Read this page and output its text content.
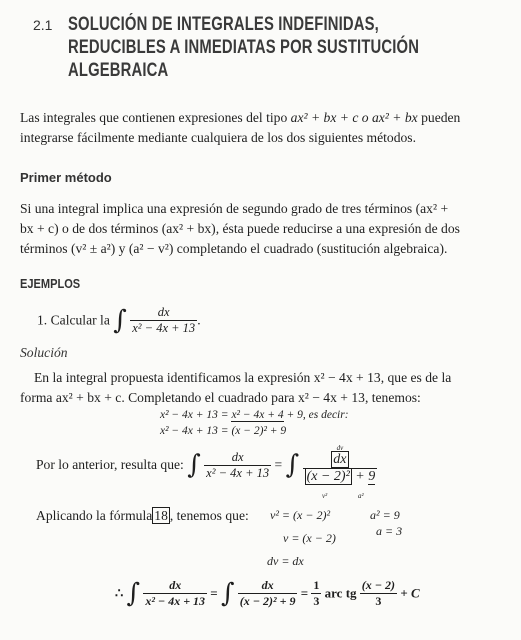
2.1 SOLUCIÓN DE INTEGRALES INDEFINIDAS,
REDUCIBLES A INMEDIATAS POR SUSTITUCIÓN
ALGEBRAICA
Las integrales que contienen expresiones del tipo ax² + bx + c o ax² + bx pueden
integrarse fácilmente mediante cualquiera de los dos siguientes métodos.
Primer método
Si una integral implica una expresión de segundo grado de tres términos (ax² +
bx + c) o de dos términos (ax² + bx), ésta puede reducirse a una expresión de dos
términos (v² ± a²) y (a² − v²) completando el cuadrado (sustitución algebraica).
EJEMPLOS
1. Calcular la ∫ $\frac{dx}{\text{x² − 4x + 13}}$ .
Solución
En la integral propuesta identificamos la expresión x² − 4x + 13, que es de la
forma ax² + bx + c. Completando el cuadrado para x² − 4x + 13, tenemos:
x² − 4x + 13 = x² − 4x + 4 + 9, es decir:
x² − 4x + 13 = (x − 2)² + 9
Por lo anterior, resulta que: ∫ $\frac{dx}{\text{x² − 4x + 13}}$ = ∫ dv
dx
(x − 2)² + 9
v²	a²
Aplicando la fórmula 18 , tenemos que: v² = (x − 2)²	a² = 9
v = (x − 2)	a = 3
dv = dx
∴ ∫ $\frac{dx}{\text{x² − 4x + 13}}$ = ∫ $\frac{dx}{\text{(x − 2)² + 9}} = \frac{1}{3}$ arc tg $\frac{(x - 2)}{3} + C$
